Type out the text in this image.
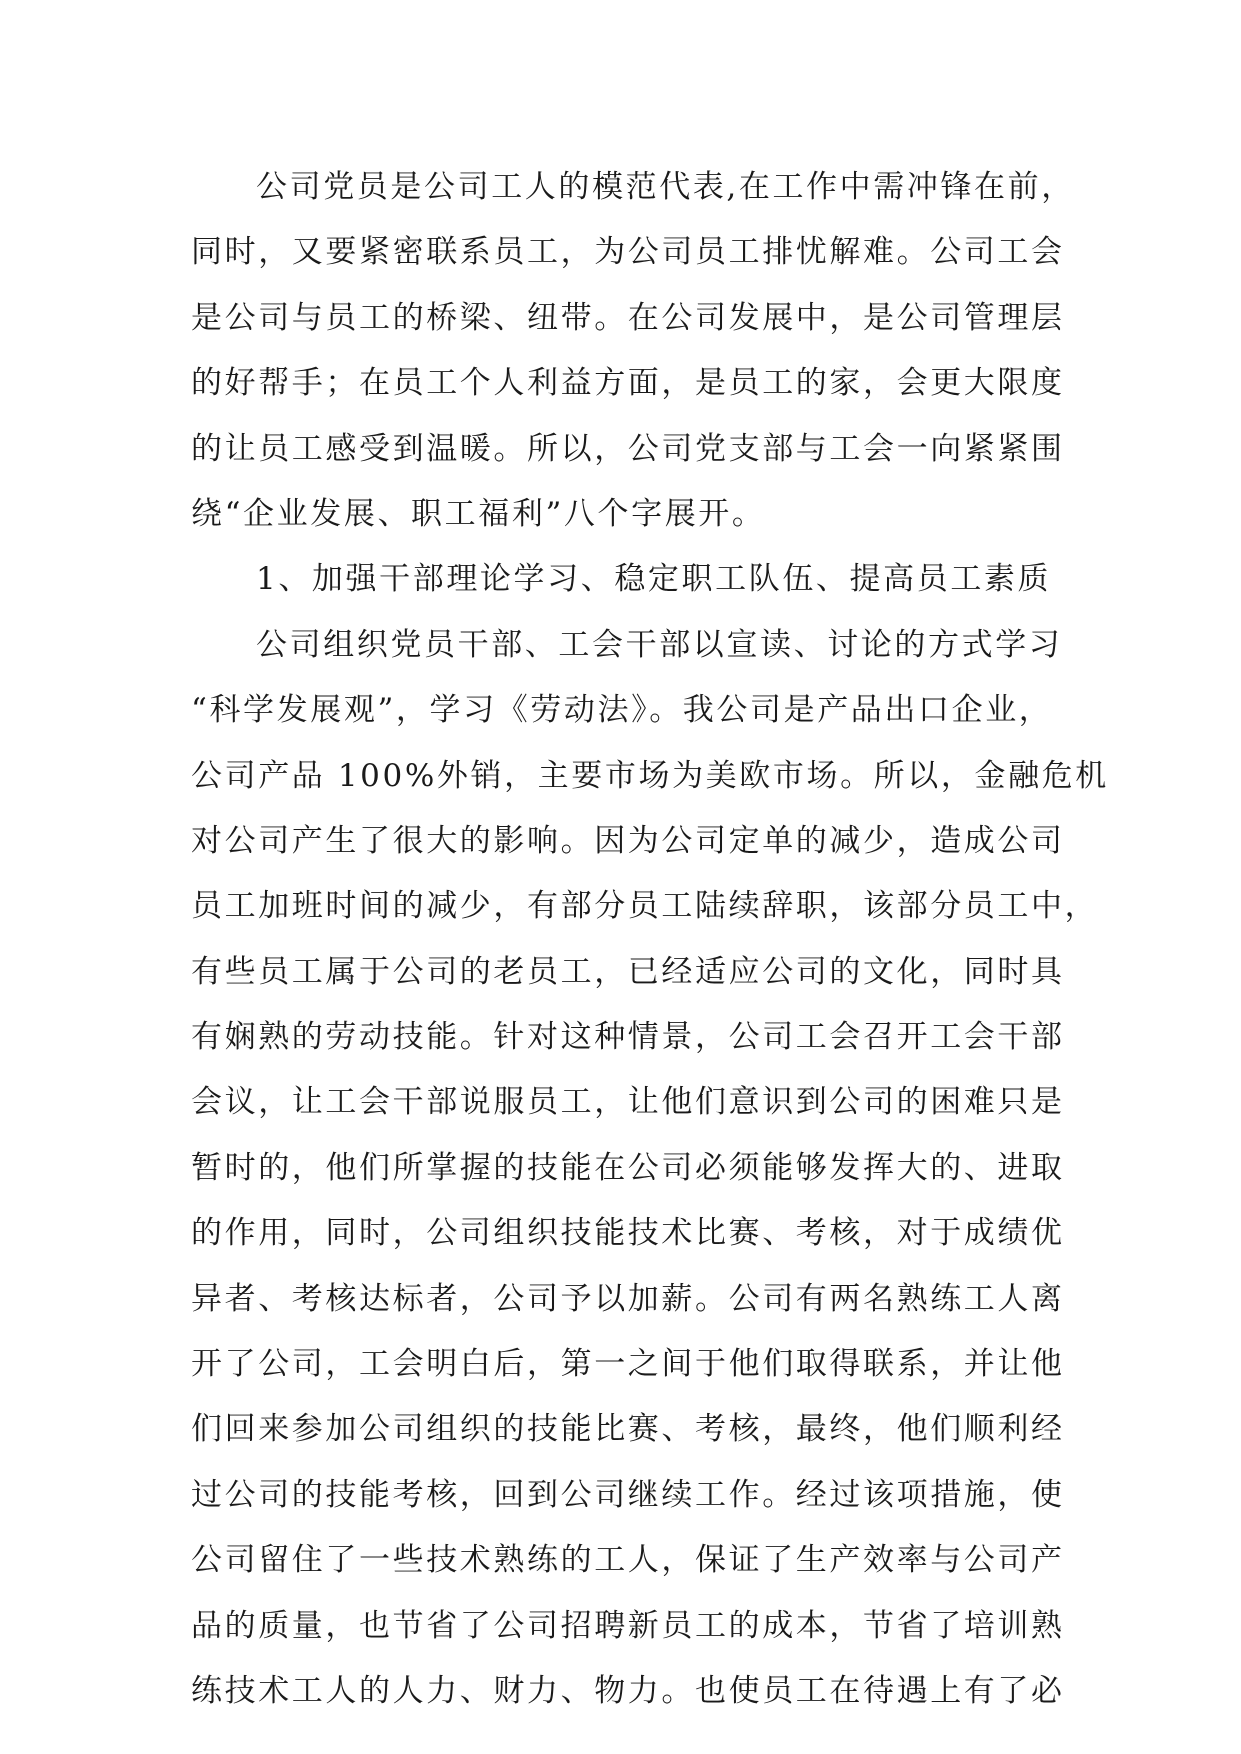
公司党员是公司工人的模范代表,在工作中需冲锋在前，
同时，又要紧密联系员工，为公司员工排忧解难。公司工会
是公司与员工的桥梁、纽带。在公司发展中，是公司管理层
的好帮手；在员工个人利益方面，是员工的家，会更大限度
的让员工感受到温暖。所以，公司党支部与工会一向紧紧围
绕“企业发展、职工福利”八个字展开。
1、加强干部理论学习、稳定职工队伍、提高员工素质
公司组织党员干部、工会干部以宣读、讨论的方式学习
“科学发展观”，学习《劳动法》。我公司是产品出口企业，
公司产品 100%外销，主要市场为美欧市场。所以，金融危机
对公司产生了很大的影响。因为公司定单的减少，造成公司
员工加班时间的减少，有部分员工陆续辞职，该部分员工中，
有些员工属于公司的老员工，已经适应公司的文化，同时具
有娴熟的劳动技能。针对这种情景，公司工会召开工会干部
会议，让工会干部说服员工，让他们意识到公司的困难只是
暂时的，他们所掌握的技能在公司必须能够发挥大的、进取
的作用，同时，公司组织技能技术比赛、考核，对于成绩优
异者、考核达标者，公司予以加薪。公司有两名熟练工人离
开了公司，工会明白后，第一之间于他们取得联系，并让他
们回来参加公司组织的技能比赛、考核，最终，他们顺利经
过公司的技能考核，回到公司继续工作。经过该项措施，使
公司留住了一些技术熟练的工人，保证了生产效率与公司产
品的质量，也节省了公司招聘新员工的成本，节省了培训熟
练技术工人的人力、财力、物力。也使员工在待遇上有了必
